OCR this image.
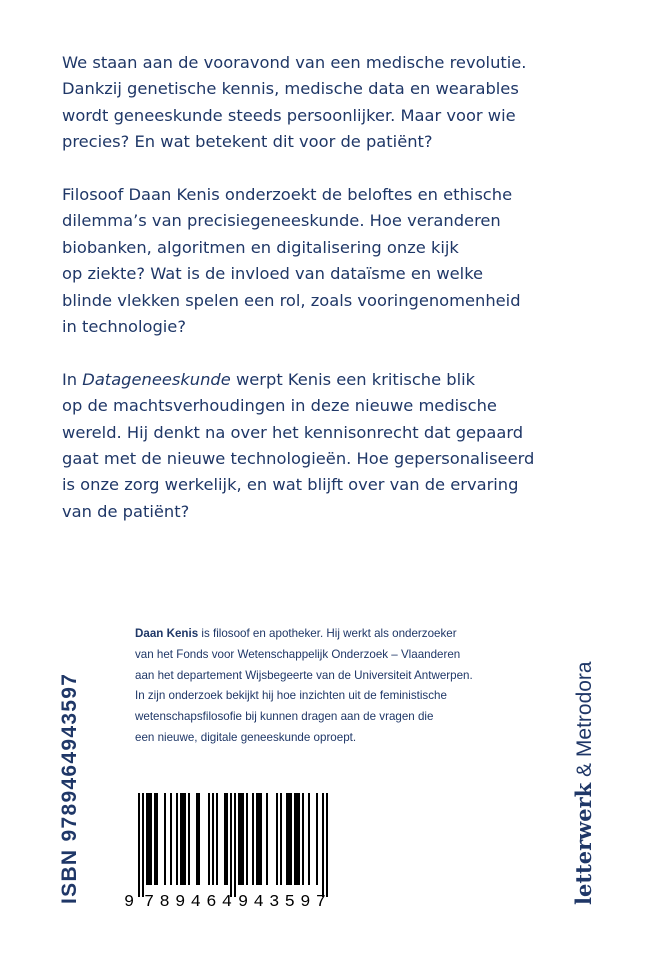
We staan aan de vooravond van een medische revolutie.
Dankzij genetische kennis, medische data en wearables
wordt geneeskunde steeds persoonlijker. Maar voor wie
precies? En wat betekent dit voor de patiënt?

Filosoof Daan Kenis onderzoekt de beloftes en ethische
dilemma’s van precisiegeneeskunde. Hoe veranderen
biobanken, algoritmen en digitalisering onze kijk
op ziekte? Wat is de invloed van dataïsme en welke
blinde vlekken spelen een rol, zoals vooringenomenheid
in technologie?

In Datageneeskunde werpt Kenis een kritische blik
op de machtsverhoudingen in deze nieuwe medische
wereld. Hij denkt na over het kennisonrecht dat gepaard
gaat met de nieuwe technologieën. Hoe gepersonaliseerd
is onze zorg werkelijk, en wat blijft over van de ervaring
van de patiënt?

Daan Kenis is filosoof en apotheker. Hij werkt als onderzoeker
van het Fonds voor Wetenschappelijk Onderzoek – Vlaanderen
aan het departement Wijsbegeerte van de Universiteit Antwerpen.
In zijn onderzoek bekijkt hij hoe inzichten uit de feministische
wetenschapsfilosofie bij kunnen dragen aan de vragen die
een nieuwe, digitale geneeskunde oproept.

ISBN 9789464943597	letterwerk & Metrodora
9 789464 943597
